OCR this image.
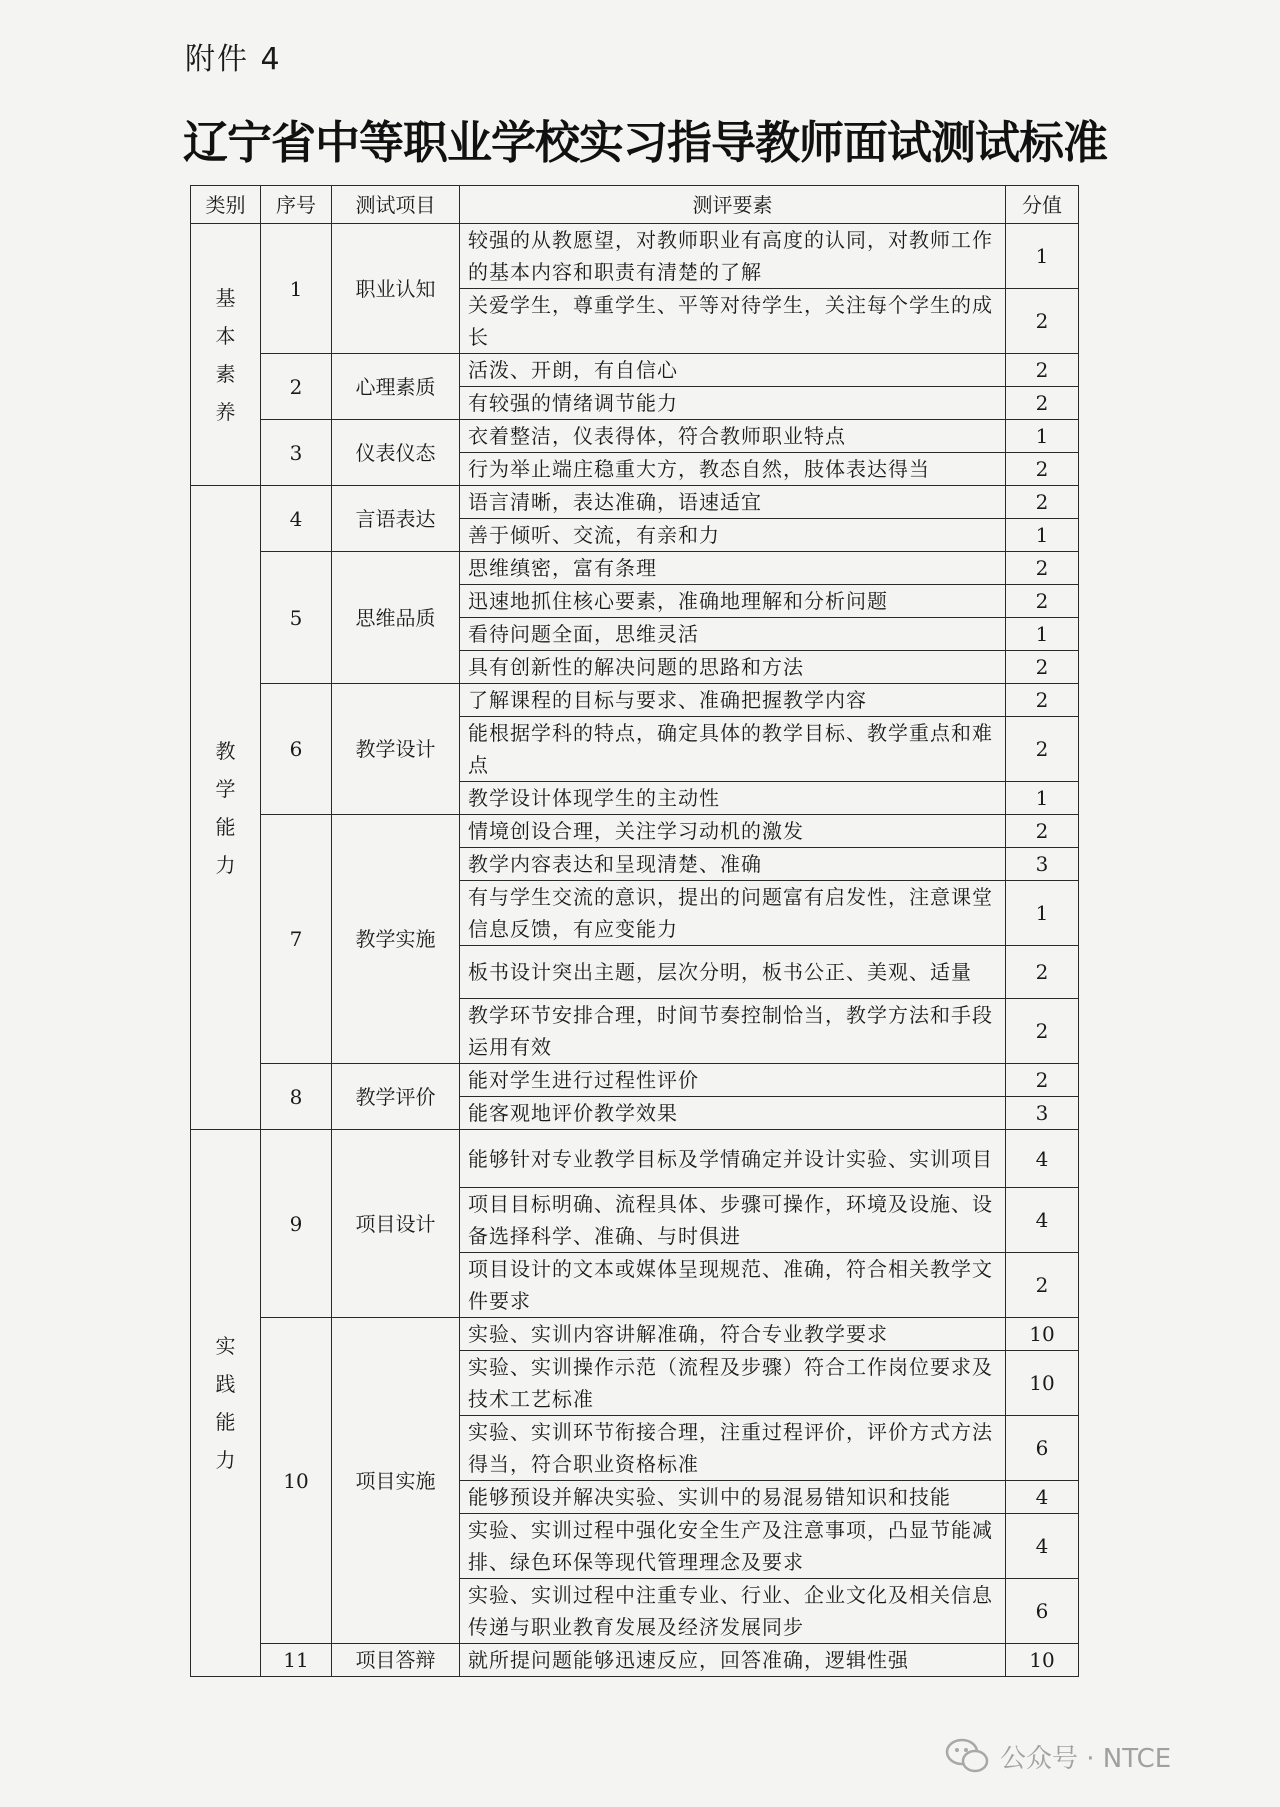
附件 4
辽宁省中等职业学校实习指导教师面试测试标准
类别	序号	测试项目	测评要素	分值
基本素养	1	职业认知	较强的从教愿望，对教师职业有高度的认同，对教师工作的基本内容和职责有清楚的了解	1
			关爱学生，尊重学生、平等对待学生，关注每个学生的成长	2
	2	心理素质	活泼、开朗，有自信心	2
			有较强的情绪调节能力	2
	3	仪表仪态	衣着整洁，仪表得体，符合教师职业特点	1
			行为举止端庄稳重大方，教态自然，肢体表达得当	2
教学能力	4	言语表达	语言清晰，表达准确，语速适宜	2
			善于倾听、交流，有亲和力	1
	5	思维品质	思维缜密，富有条理	2
			迅速地抓住核心要素，准确地理解和分析问题	2
			看待问题全面，思维灵活	1
			具有创新性的解决问题的思路和方法	2
	6	教学设计	了解课程的目标与要求、准确把握教学内容	2
			能根据学科的特点，确定具体的教学目标、教学重点和难点	2
			教学设计体现学生的主动性	1
	7	教学实施	情境创设合理，关注学习动机的激发	2
			教学内容表达和呈现清楚、准确	3
			有与学生交流的意识，提出的问题富有启发性，注意课堂信息反馈，有应变能力	1
			板书设计突出主题，层次分明，板书公正、美观、适量	2
			教学环节安排合理，时间节奏控制恰当，教学方法和手段运用有效	2
	8	教学评价	能对学生进行过程性评价	2
			能客观地评价教学效果	3
实践能力	9	项目设计	能够针对专业教学目标及学情确定并设计实验、实训项目	4
			项目目标明确、流程具体、步骤可操作，环境及设施、设备选择科学、准确、与时俱进	4
			项目设计的文本或媒体呈现规范、准确，符合相关教学文件要求	2
	10	项目实施	实验、实训内容讲解准确，符合专业教学要求	10
			实验、实训操作示范（流程及步骤）符合工作岗位要求及技术工艺标准	10
			实验、实训环节衔接合理，注重过程评价，评价方式方法得当，符合职业资格标准	6
			能够预设并解决实验、实训中的易混易错知识和技能	4
			实验、实训过程中强化安全生产及注意事项，凸显节能减排、绿色环保等现代管理理念及要求	4
			实验、实训过程中注重专业、行业、企业文化及相关信息传递与职业教育发展及经济发展同步	6
	11	项目答辩	就所提问题能够迅速反应，回答准确，逻辑性强	10
公众号 · NTCE
